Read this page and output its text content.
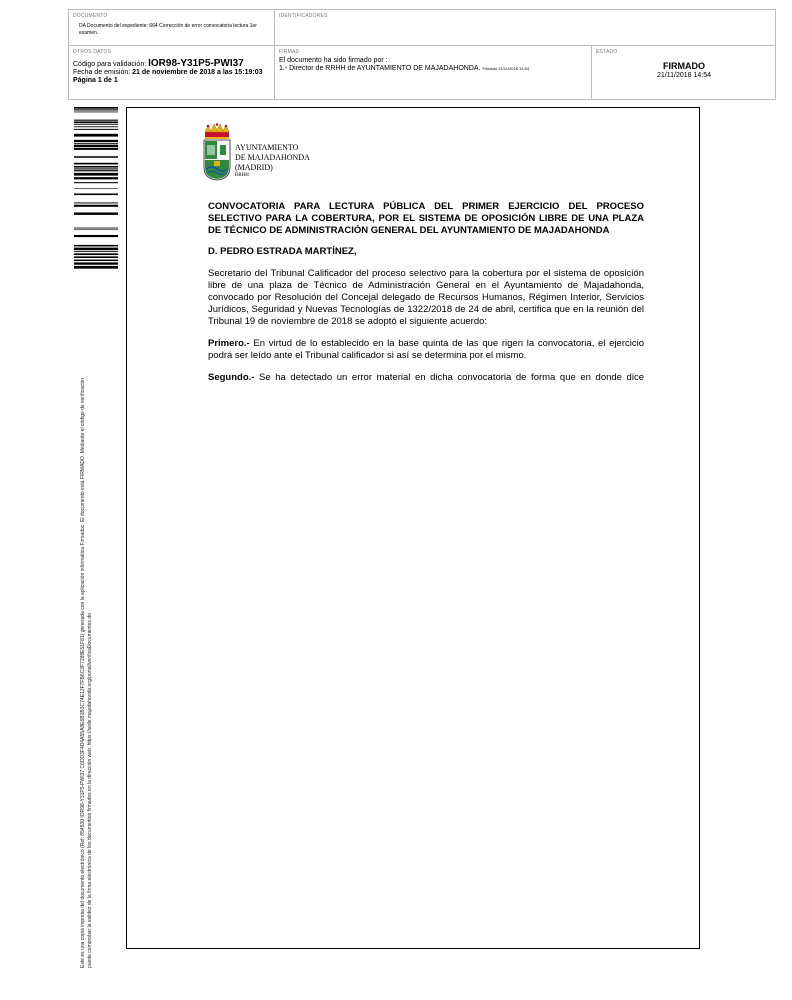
DOCUMENTO
DA Documento del expediente: 664 Corrección de error convocatoria lectura 1er examen.
IDENTIFICADORES
OTROS DATOS
Código para validación: IOR98-Y31P5-PWI37
Fecha de emisión: 21 de noviembre de 2018 a las 15:19:03
Página 1 de 1
FIRMAS
El documento ha sido firmado por :
1.- Director de RRHH de AYUNTAMIENTO DE MAJADAHONDA. Firmado 21/11/2018 14:54
ESTADO
FIRMADO
21/11/2018 14:54
Este es una copia impresa del documento electrónico (Ref: 854530 IOR98-Y31P5-PWI37 C6DD3F4D4A55A8E6B1B3C74E12F7FB6C2F7288E51F81) generada con la aplicación informática Firmadoc. El documento está FIRMADO. Mediante el código de verificación puede comprobar la validez de la firma electrónica de los documentos firmados en la dirección web: https://sede.majadahonda.org/portal/verificaDocumentos.do
AYUNTAMIENTO
DE MAJADAHONDA
(MADRID)
RRHH
CONVOCATORIA PARA LECTURA PÚBLICA DEL PRIMER EJERCICIO DEL PROCESO
SELECTIVO PARA LA COBERTURA, POR EL SISTEMA DE OPOSICIÓN LIBRE DE UNA PLAZA
DE TÉCNICO DE ADMINISTRACIÓN GENERAL DEL AYUNTAMIENTO DE MAJADAHONDA
D. PEDRO ESTRADA MARTÍNEZ,
Secretario del Tribunal Calificador del proceso selectivo para la cobertura por el sistema de oposición
libre de una plaza de Técnico de Administración General en el Ayuntamiento de Majadahonda,
convocado por Resolución del Concejal delegado de Recursos Humanos, Régimen Interior, Servicios
Jurídicos, Seguridad y Nuevas Tecnologías de 1322/2018 de 24 de abril, certifica que en la reunión del
Tribunal 19 de noviembre de 2018 se adoptó el siguiente acuerdo:
Primero.- En virtud de lo establecido en la base quinta de las que rigen la convocatoria, el ejercicio
podrá ser leído ante el Tribunal calificador si así se determina por el mismo.
Segundo.- Se ha detectado un error material en dicha convocatoria de forma que en donde dice
